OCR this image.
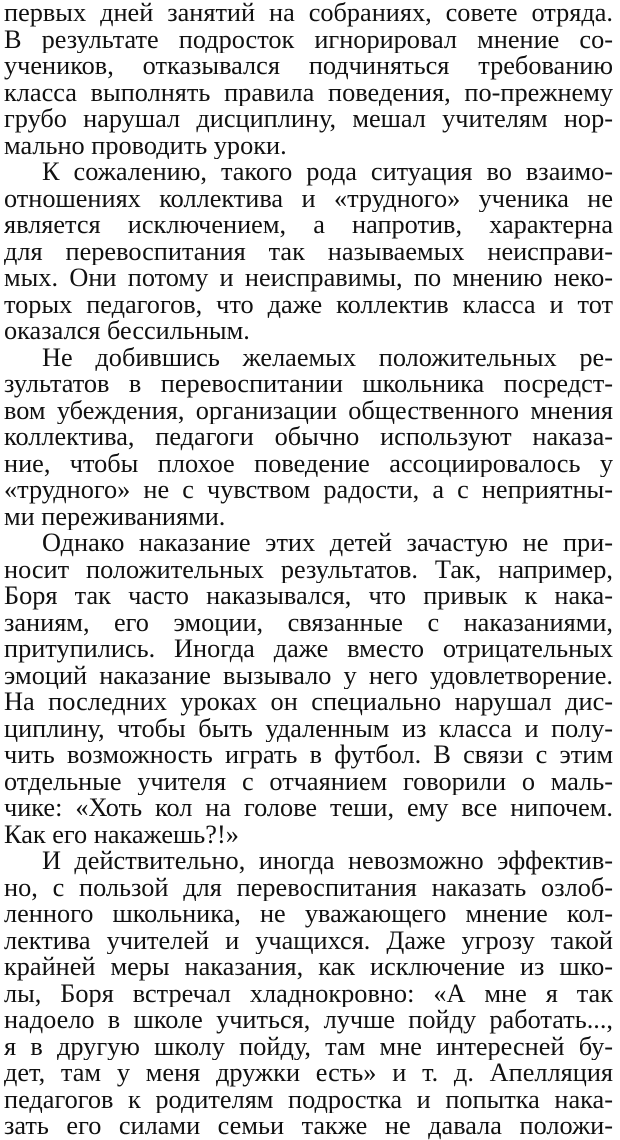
первых дней занятий на собраниях, совете отряда.
В результате подросток игнорировал мнение со-
учеников, отказывался подчиняться требованию
класса выполнять правила поведения, по-прежнему
грубо нарушал дисциплину, мешал учителям нор-
мально проводить уроки.
К сожалению, такого рода ситуация во взаимо-
отношениях коллектива и «трудного» ученика не
является исключением, а напротив, характерна
для перевоспитания так называемых неисправи-
мых. Они потому и неисправимы, по мнению неко-
торых педагогов, что даже коллектив класса и тот
оказался бессильным.
Не добившись желаемых положительных ре-
зультатов в перевоспитании школьника посредст-
вом убеждения, организации общественного мнения
коллектива, педагоги обычно используют наказа-
ние, чтобы плохое поведение ассоциировалось у
«трудного» не с чувством радости, а с неприятны-
ми переживаниями.
Однако наказание этих детей зачастую не при-
носит положительных результатов. Так, например,
Боря так часто наказывался, что привык к нака-
заниям, его эмоции, связанные с наказаниями,
притупились. Иногда даже вместо отрицательных
эмоций наказание вызывало у него удовлетворение.
На последних уроках он специально нарушал дис-
циплину, чтобы быть удаленным из класса и полу-
чить возможность играть в футбол. В связи с этим
отдельные учителя с отчаянием говорили о маль-
чике: «Хоть кол на голове теши, ему все нипочем.
Как его накажешь?!»
И действительно, иногда невозможно эффектив-
но, с пользой для перевоспитания наказать озлоб-
ленного школьника, не уважающего мнение кол-
лектива учителей и учащихся. Даже угрозу такой
крайней меры наказания, как исключение из шко-
лы, Боря встречал хладнокровно: «А мне я так
надоело в школе учиться, лучше пойду работать...,
я в другую школу пойду, там мне интересней бу-
дет, там у меня дружки есть» и т. д. Апелляция
педагогов к родителям подростка и попытка нака-
зать его силами семьи также не давала положи-
